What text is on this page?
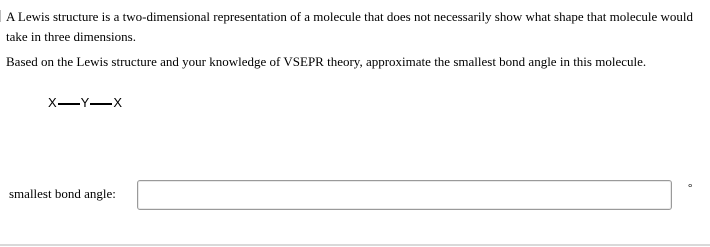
A Lewis structure is a two-dimensional representation of a molecule that does not necessarily show what shape that molecule would take in three dimensions.

Based on the Lewis structure and your knowledge of VSEPR theory, approximate the smallest bond angle in this molecule.

X Y X
smallest bond angle:	°
